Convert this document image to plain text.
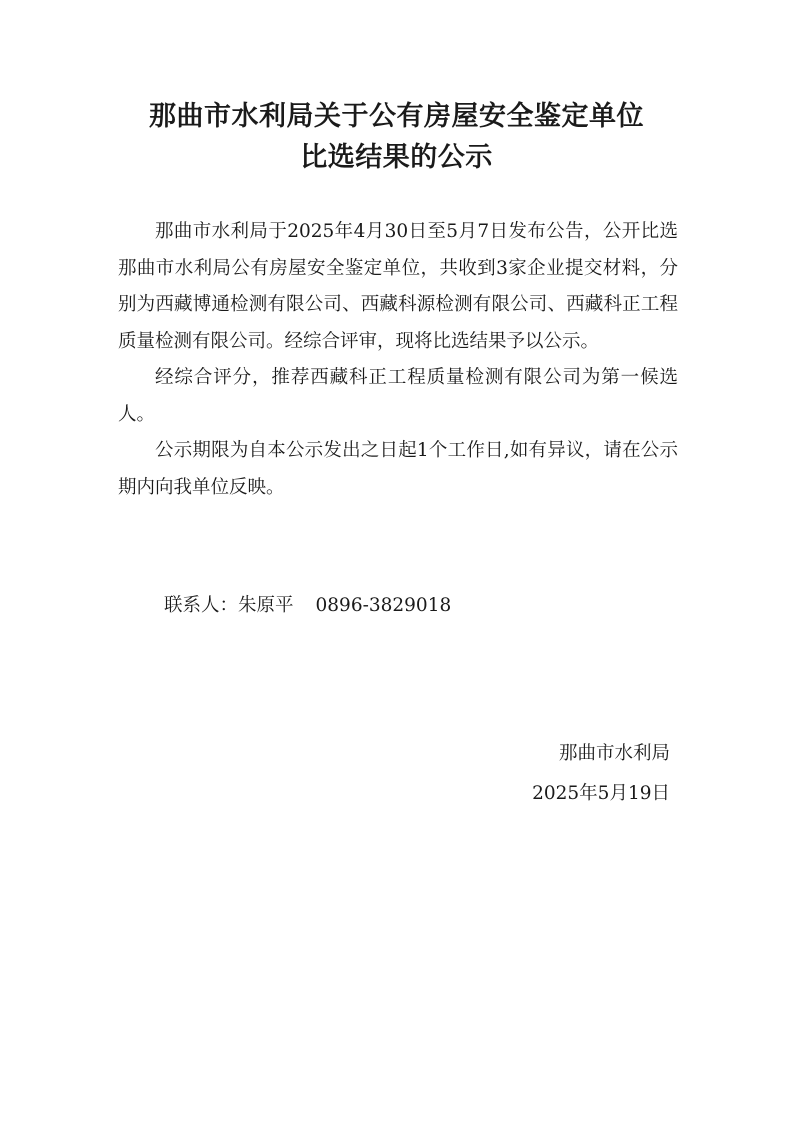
那曲市水利局关于公有房屋安全鉴定单位
比选结果的公示

那曲市水利局于2025年4月30日至5月7日发布公告，公开比选那曲市水利局公有房屋安全鉴定单位，共收到3家企业提交材料，分别为西藏博通检测有限公司、西藏科源检测有限公司、西藏科正工程质量检测有限公司。经综合评审，现将比选结果予以公示。

经综合评分，推荐西藏科正工程质量检测有限公司为第一候选人。

公示期限为自本公示发出之日起1个工作日,如有异议，请在公示期内向我单位反映。

联系人：朱原平 0896-3829018
那曲市水利局
2025年5月19日
